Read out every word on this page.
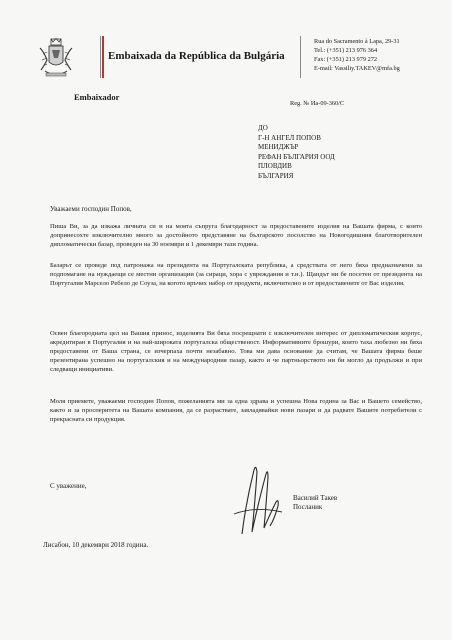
Embaixada da República da Bulgária
Rua do Sacramento à Lapa, 29-31
Tel.: (+351) 213 976 364
Fax: (+351) 213 979 272
E-mail: Vassiliy.TAKEV@mfa.bg
Embaixador
Reg. № Иа-09-360/С
ДО
Г-Н АНГЕЛ ПОПОВ
МЕНИДЖЪР
РЕФАН БЪЛГАРИЯ ООД
ПЛОВДИВ
БЪЛГАРИЯ
Уважаеми господин Попов,
Пиша Ви, за да изкажа личната си и на моята съпруга благодарност за предоставените изделия на Вашата фирма, с които допринесохте изключително много за достойното представяне на българското посолство на Новогодишния благотворителен дипломатически базар, проведен на 30 ноември и 1 декември тази година.
Базарът се проведе под патронажа на президента на Португалската република, а средствата от него бяха предназначени за подпомагане на нуждаещи се местни организации (за сираци, хора с увреждания и т.н.). Щандът ни бе посетен от президента на Португалия Марсело Ребело де Соуза, на когото връчих набор от продукти, включително и от предоставените от Вас изделия.
Освен благородната цел на Вашия принос, изделията Ви бяха посрещнати с изключителен интерес от дипломатическия корпус, акредитиран в Португалия и на най-широката португалска общественост. Информативните брошури, които таха любезно ни бяха предоставени от Ваша страна, се изчерпаха почти незабавно. Това ми дава основание да считам, че Вашата фирма беше презентирана успешно на португалския и на международния пазар, както и че партньорството ни би могло да продължи и при следващи инициативи.
Моля приемете, уважаеми господин Попов, пожеланията ми за една здрава и успешна Нова година за Вас и Вашето семейство, както и за просперитета на Вашата компания, да се разраствате, завладявайки нови пазари и да радвате Вашите потребители с прекрасната си продукция.
С уважение,
Василий Такев
Посланик
Лисабон, 10 декември 2018 година.
